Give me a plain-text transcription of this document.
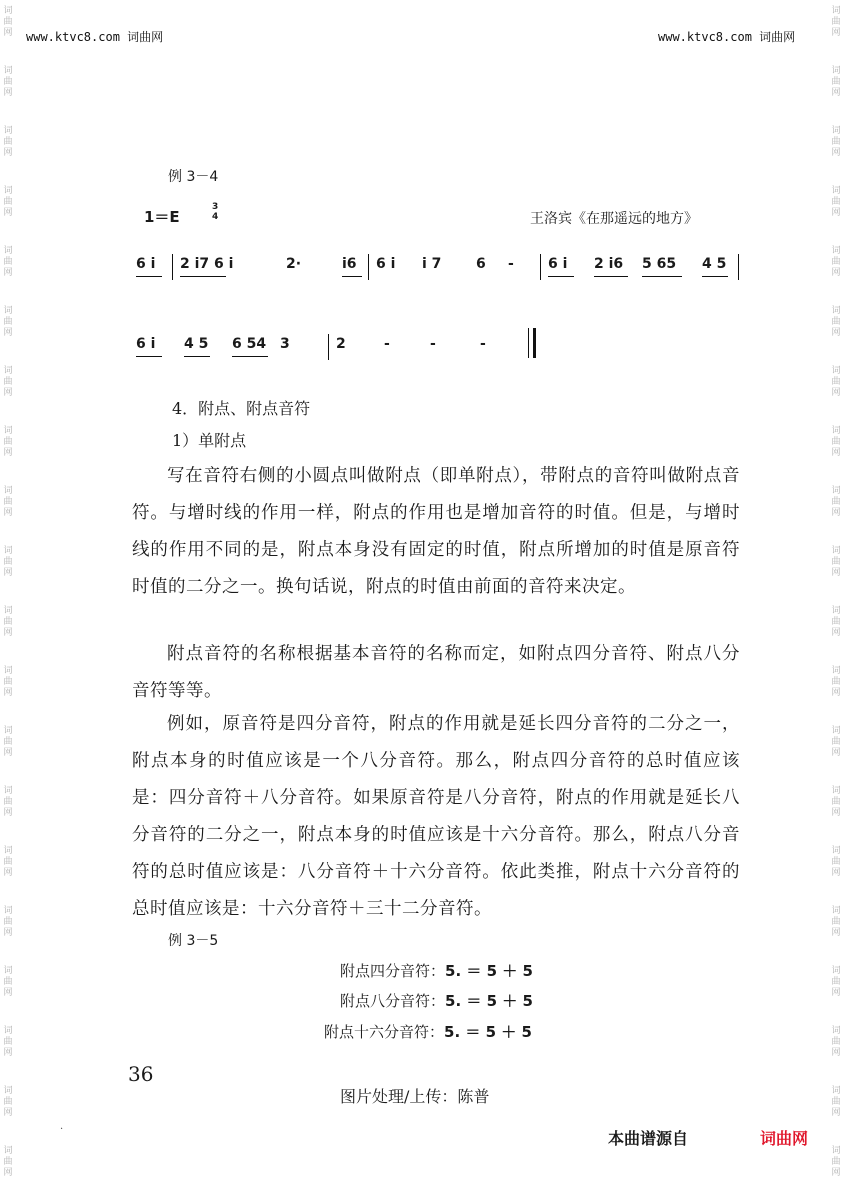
词
曲
网
词
曲
网
词
曲
网
词
曲
网
词
曲
网
词
曲
网
词
曲
网
词
曲
网
词
曲
网
词
曲
网
词
曲
网
词
曲
网
词
曲
网
词
曲
网
词
曲
网
词
曲
网
词
曲
网
词
曲
网
词
曲
网
词
曲
网
词
曲
网
词
曲
网
词
曲
网
词
曲
网
词
曲
网
词
曲
网
词
曲
网
词
曲
网
词
曲
网
词
曲
网
词
曲
网
词
曲
网
词
曲
网
词
曲
网
词
曲
网
词
曲
网
词
曲
网
词
曲
网
词
曲
网
词
曲
网
www.ktvc8.com 词曲网	www.ktvc8.com 词曲网
例 3－4
1＝E
3
4	王洛宾《在那遥远的地方》
6 i 2 i7 6 i	2·	i6 6 i i 7 6 - 6 i 2 i6 5 65 4 5
6 i 4 5 6 54 3	2	-	-	-
4．附点、附点音符
1）单附点

写在音符右侧的小圆点叫做附点（即单附点），带附点的音符叫做附点音符。与增时线的作用一样，附点的作用也是增加音符的时值。但是，与增时线的作用不同的是，附点本身没有固定的时值，附点所增加的时值是原音符时值的二分之一。换句话说，附点的时值由前面的音符来决定。

附点音符的名称根据基本音符的名称而定，如附点四分音符、附点八分音符等等。

例如，原音符是四分音符，附点的作用就是延长四分音符的二分之一，附点本身的时值应该是一个八分音符。那么，附点四分音符的总时值应该是：四分音符＋八分音符。如果原音符是八分音符，附点的作用就是延长八分音符的二分之一，附点本身的时值应该是十六分音符。那么，附点八分音符的总时值应该是：八分音符＋十六分音符。依此类推，附点十六分音符的总时值应该是：十六分音符＋三十二分音符。

例 3－5
附点四分音符：5. ＝ 5 ＋ 5
附点八分音符：5. ＝ 5 ＋ 5
附点十六分音符：5. ＝ 5 ＋ 5
36
图片处理/上传：陈普
本曲谱源自	词曲网
·
